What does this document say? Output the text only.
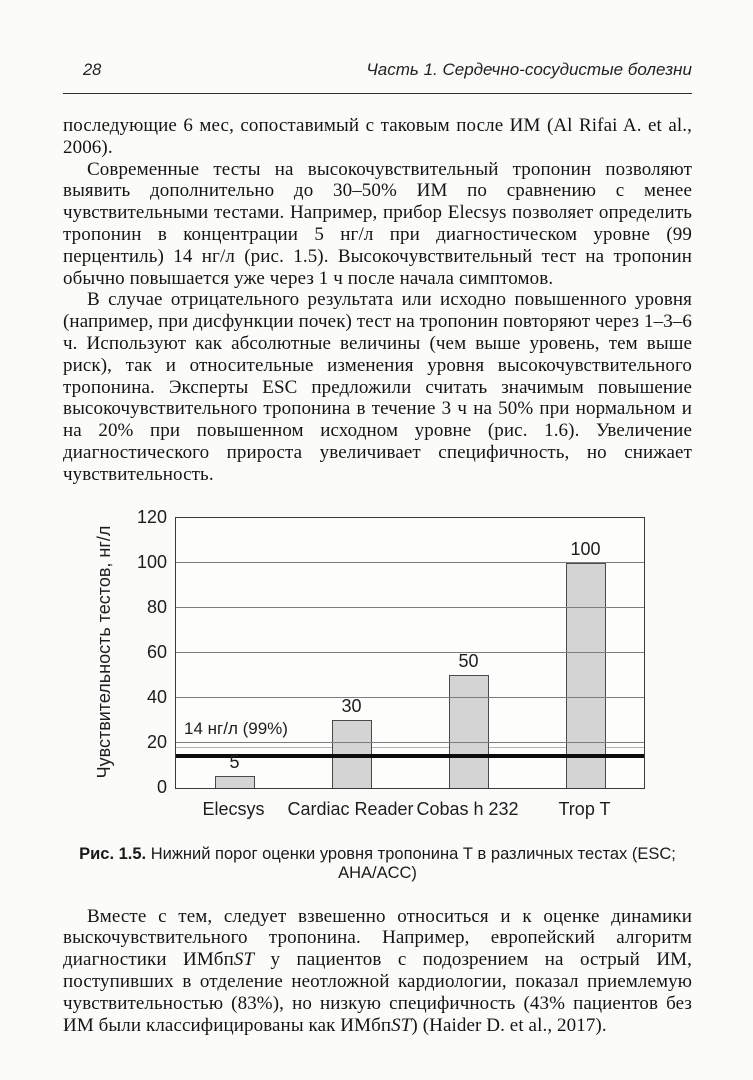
28	Часть 1. Сердечно-сосудистые болезни

последующие 6 мес, сопоставимый с таковым после ИМ (Al Rifai A. et al., 2006).

Современные тесты на высокочувствительный тропонин позволяют выявить дополнительно до 30–50% ИМ по сравнению с менее чувствительными тестами. Например, прибор Elecsys позволяет определить тропонин в концентрации 5 нг/л при диагностическом уровне (99 перцентиль) 14 нг/л (рис. 1.5). Высокочувствительный тест на тропонин обычно повышается уже через 1 ч после начала симптомов.

В случае отрицательного результата или исходно повышенного уровня (например, при дисфункции почек) тест на тропонин повторяют через 1–3–6 ч. Используют как абсолютные величины (чем выше уровень, тем выше риск), так и относительные изменения уровня высокочувствительного тропонина. Эксперты ESC предложили считать значимым повышение высокочувствительного тропонина в течение 3 ч на 50% при нормальном и на 20% при повышенном исходном уровне (рис. 1.6). Увеличение диагностического прироста увеличивает специфичность, но снижает чувствительность.

Чувствительность тестов, нг/л	5
30
50
100
14 нг/л (99%)
0
20
40
60
80
100
120
Elecsys	Cardiac Reader Cobas h 232	Trop T
Рис. 1.5. Нижний порог оценки уровня тропонина Т в различных тестах (ESC; AHA/ACC)

Вместе с тем, следует взвешенно относиться и к оценке динамики выскочувствительного тропонина. Например, европейский алгоритм диагностики ИМбпST у пациентов с подозрением на острый ИМ, поступивших в отделение неотложной кардиологии, показал приемлемую чувствительностью (83%), но низкую специфичность (43% пациентов без ИМ были классифицированы как ИМбпST) (Haider D. et al., 2017).
